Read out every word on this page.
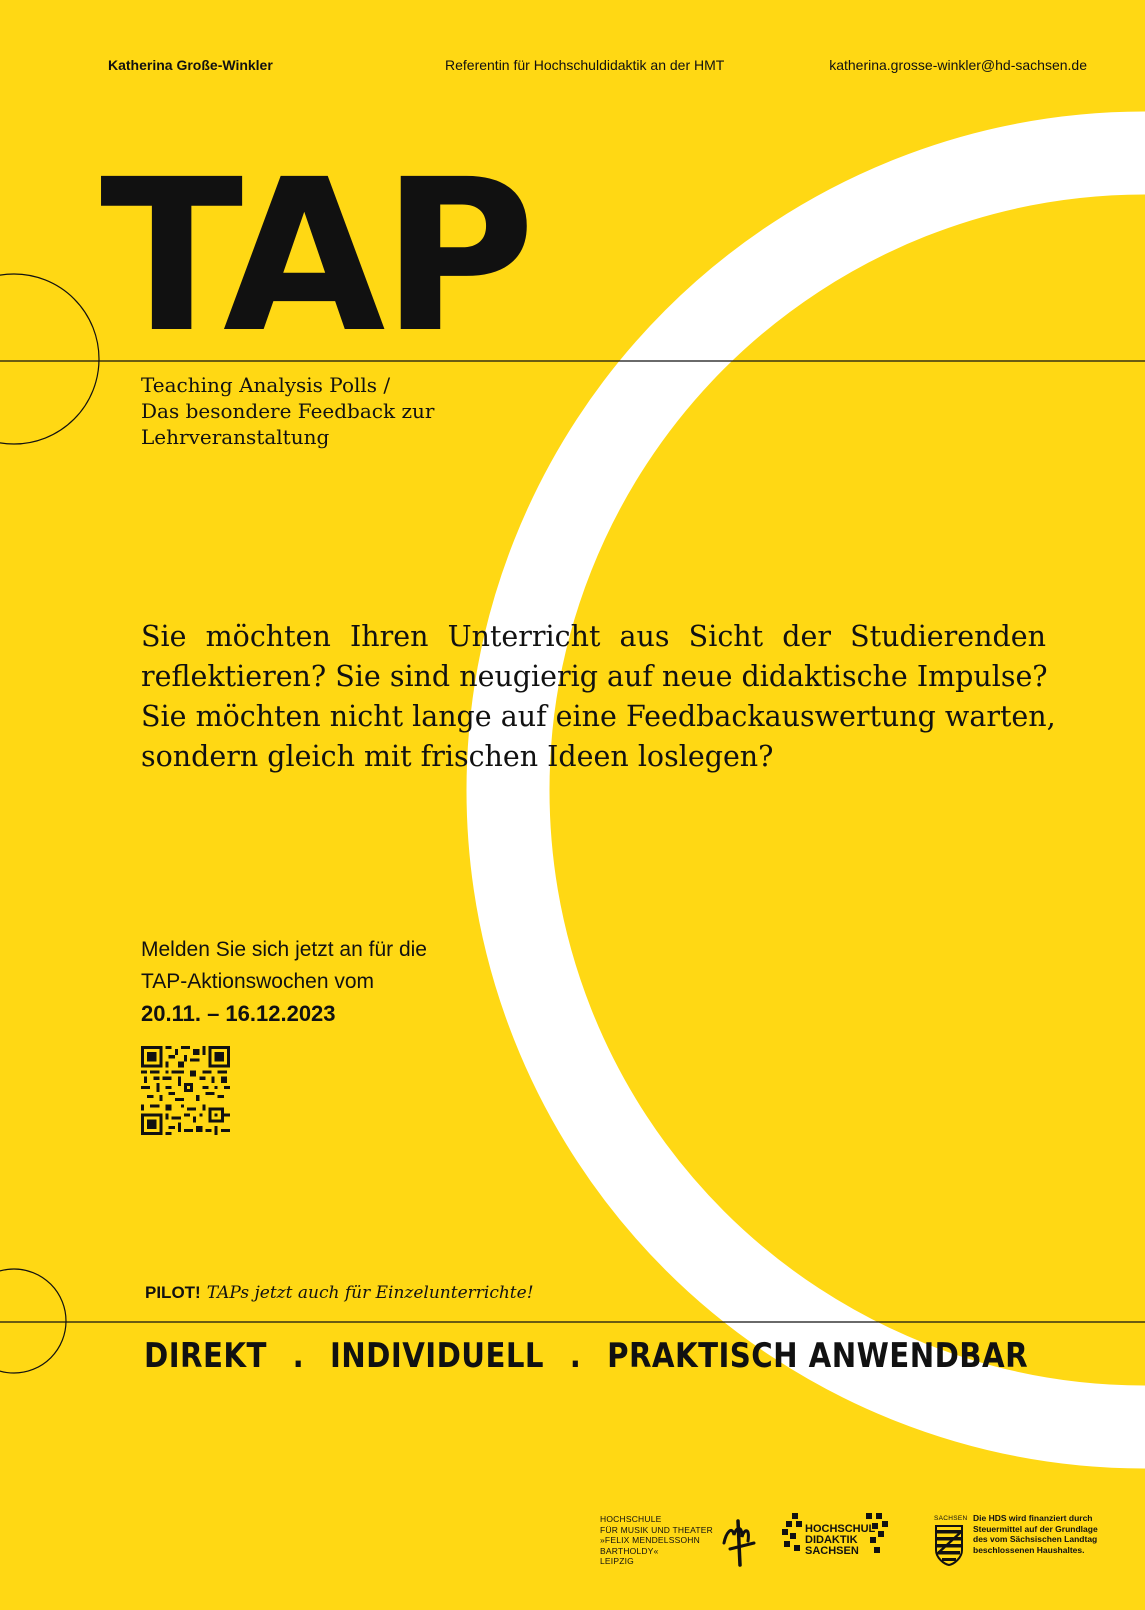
Katherina Große-Winkler	Referentin für Hochschuldidaktik an der HMT	katherina.grosse-winkler@hd-sachsen.de
TAP
Teaching Analysis Polls /
Das besondere Feedback zur
Lehrveranstaltung
Sie möchten Ihren Unterricht aus Sicht der Studierenden
reflektieren? Sie sind neugierig auf neue didaktische Impulse?
Sie möchten nicht lange auf eine Feedbackauswertung warten,
sondern gleich mit frischen Ideen loslegen?
Melden Sie sich jetzt an für die
TAP-Aktionswochen vom
20.11. – 16.12.2023
PILOT! TAPs jetzt auch für Einzelunterrichte!
DIREKT . INDIVIDUELL . PRAKTISCH ANWENDBAR
HOCHSCHULE
FÜR MUSIK UND THEATER
»FELIX MENDELSSOHN
BARTHOLDY«
LEIPZIG
HOCHSCHUL
DIDAKTIK
SACHSEN
SACHSEN Die HDS wird finanziert durch
Steuermittel auf der Grundlage
des vom Sächsischen Landtag
beschlossenen Haushaltes.
